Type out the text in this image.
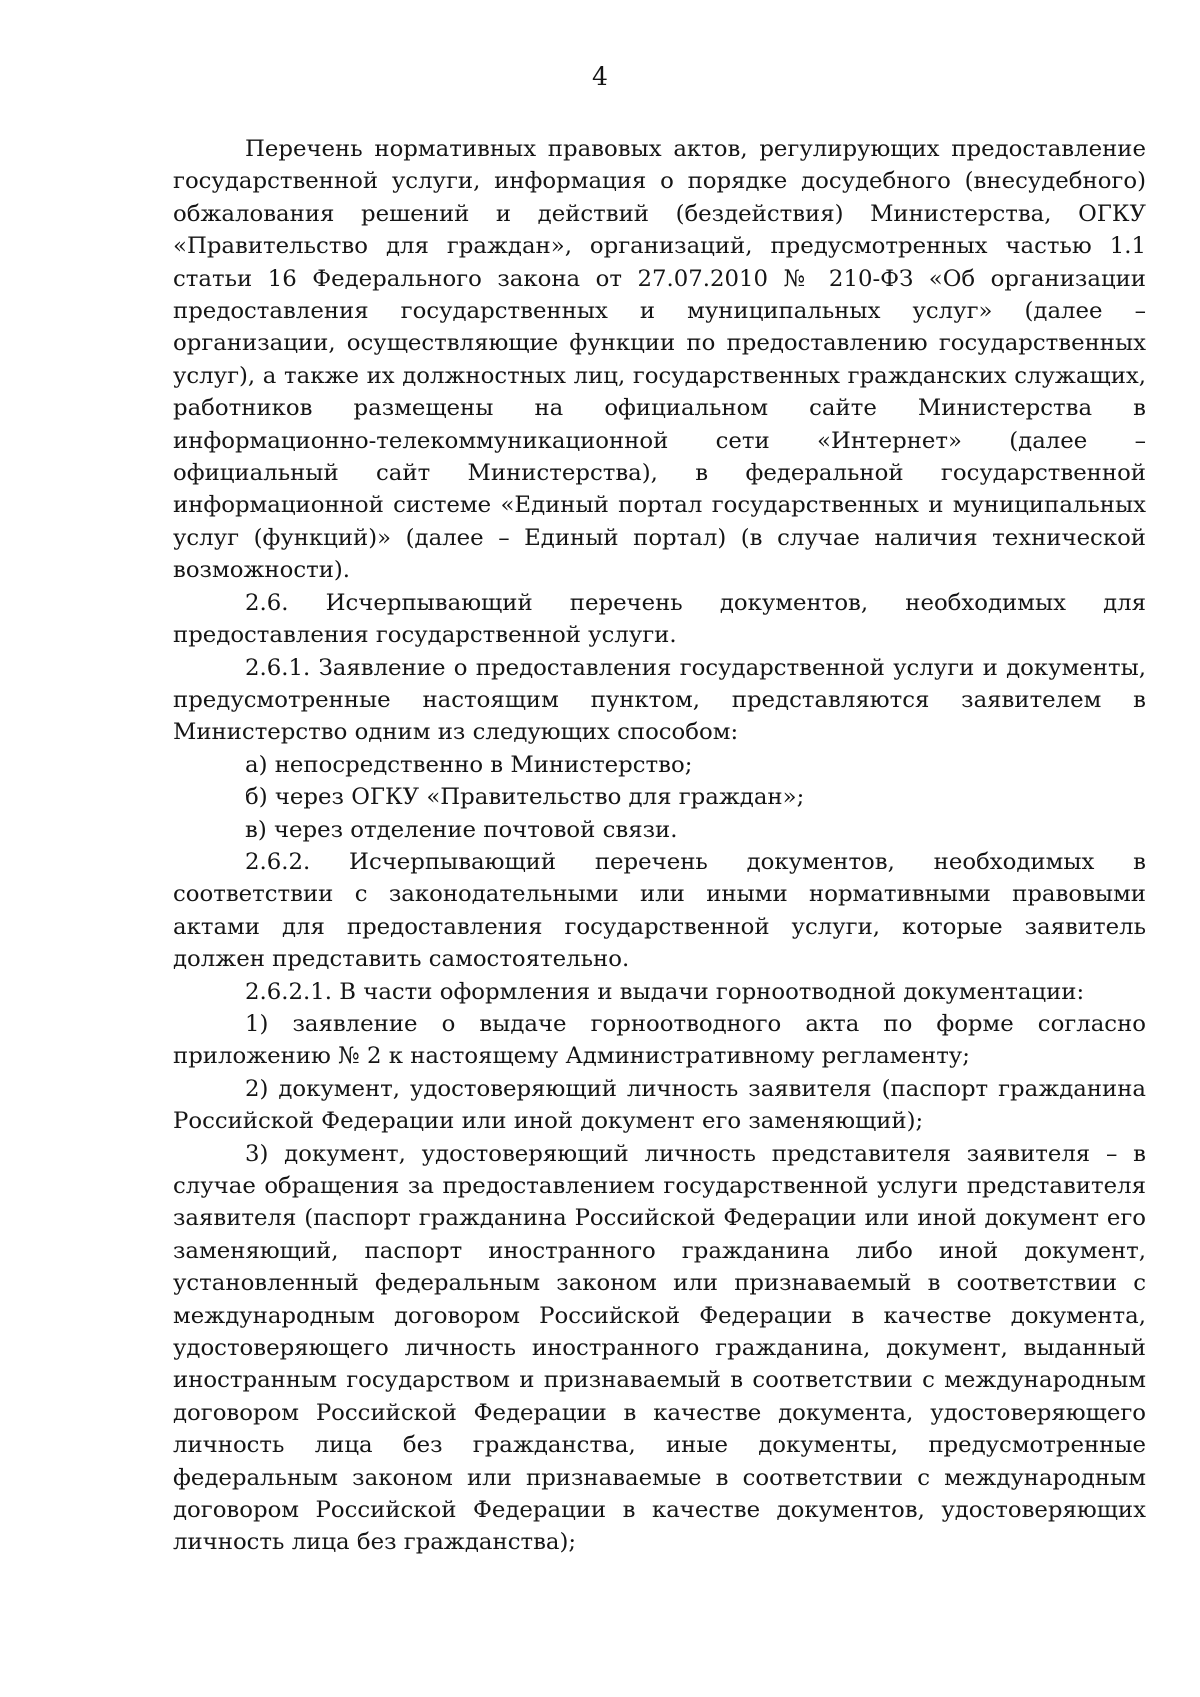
4

Перечень нормативных правовых актов, регулирующих предоставление государственной услуги, информация о порядке досудебного (внесудебного) обжалования решений и действий (бездействия) Министерства, ОГКУ «Правительство для граждан», организаций, предусмотренных частью 1.1 статьи 16 Федерального закона от 27.07.2010 № 210-ФЗ «Об организации предоставления государственных и муниципальных услуг» (далее – организации, осуществляющие функции по предоставлению государственных услуг), а также их должностных лиц, государственных гражданских служащих, работников размещены на официальном сайте Министерства в информационно-телекоммуникационной сети «Интернет» (далее – официальный сайт Министерства), в федеральной государственной информационной системе «Единый портал государственных и муниципальных услуг (функций)» (далее – Единый портал) (в случае наличия технической возможности).

2.6. Исчерпывающий перечень документов, необходимых для предоставления государственной услуги.

2.6.1. Заявление о предоставления государственной услуги и документы, предусмотренные настоящим пунктом, представляются заявителем в Министерство одним из следующих способом:

а) непосредственно в Министерство;

б) через ОГКУ «Правительство для граждан»;

в) через отделение почтовой связи.

2.6.2. Исчерпывающий перечень документов, необходимых в соответствии с законодательными или иными нормативными правовыми актами для предоставления государственной услуги, которые заявитель должен представить самостоятельно.

2.6.2.1. В части оформления и выдачи горноотводной документации:

1) заявление о выдаче горноотводного акта по форме согласно приложению № 2 к настоящему Административному регламенту;

2) документ, удостоверяющий личность заявителя (паспорт гражданина Российской Федерации или иной документ его заменяющий);

3) документ, удостоверяющий личность представителя заявителя – в случае обращения за предоставлением государственной услуги представителя заявителя (паспорт гражданина Российской Федерации или иной документ его заменяющий, паспорт иностранного гражданина либо иной документ, установленный федеральным законом или признаваемый в соответствии с международным договором Российской Федерации в качестве документа, удостоверяющего личность иностранного гражданина, документ, выданный иностранным государством и признаваемый в соответствии с международным договором Российской Федерации в качестве документа, удостоверяющего личность лица без гражданства, иные документы, предусмотренные федеральным законом или признаваемые в соответствии с международным договором Российской Федерации в качестве документов, удостоверяющих личность лица без гражданства);
